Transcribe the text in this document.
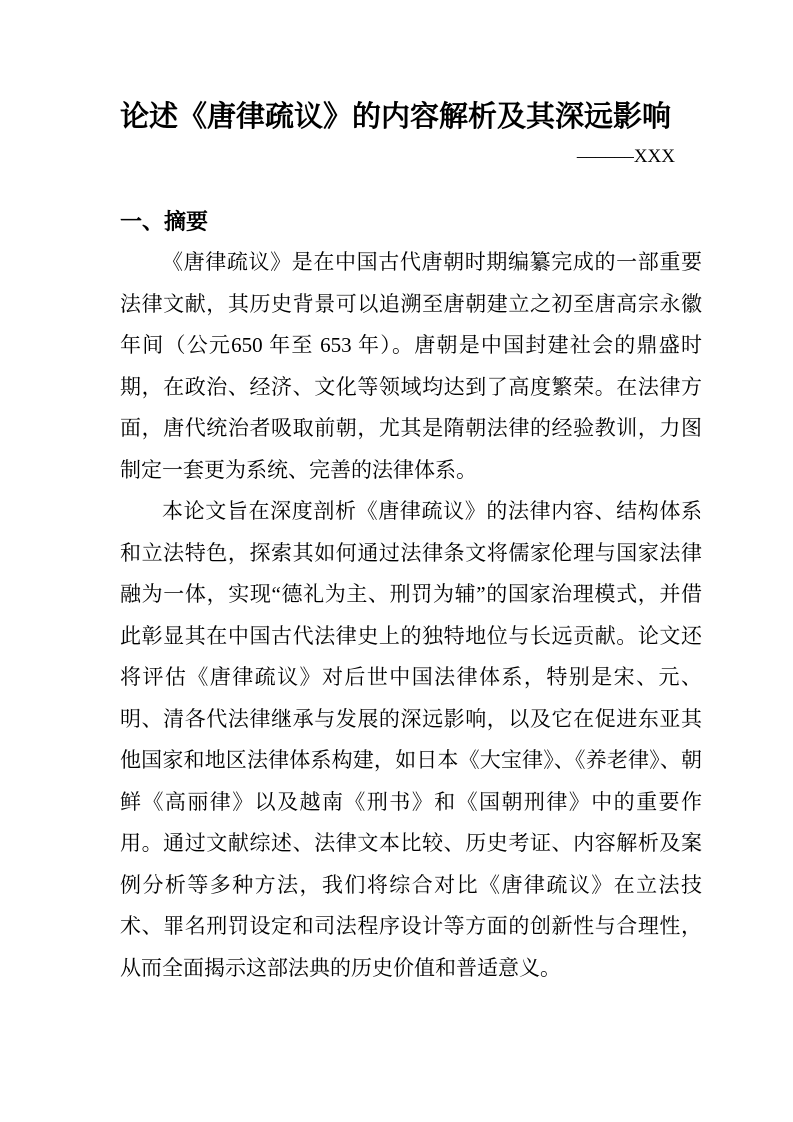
论述《唐律疏议》的内容解析及其深远影响
––––––XXX
一、摘要

《唐律疏议》是在中国古代唐朝时期编纂完成的一部重要法律文献，其历史背景可以追溯至唐朝建立之初至唐高宗永徽年间（公元650 年至 653 年）。唐朝是中国封建社会的鼎盛时期，在政治、经济、文化等领域均达到了高度繁荣。在法律方面，唐代统治者吸取前朝，尤其是隋朝法律的经验教训，力图制定一套更为系统、完善的法律体系。

本论文旨在深度剖析《唐律疏议》的法律内容、结构体系和立法特色，探索其如何通过法律条文将儒家伦理与国家法律融为一体，实现“德礼为主、刑罚为辅”的国家治理模式，并借此彰显其在中国古代法律史上的独特地位与长远贡献。论文还将评估《唐律疏议》对后世中国法律体系，特别是宋、元、明、清各代法律继承与发展的深远影响，以及它在促进东亚其他国家和地区法律体系构建，如日本《大宝律》、《养老律》、朝鲜《高丽律》以及越南《刑书》和《国朝刑律》中的重要作用。通过文献综述、法律文本比较、历史考证、内容解析及案例分析等多种方法，我们将综合对比《唐律疏议》在立法技术、罪名刑罚设定和司法程序设计等方面的创新性与合理性，从而全面揭示这部法典的历史价值和普适意义。
